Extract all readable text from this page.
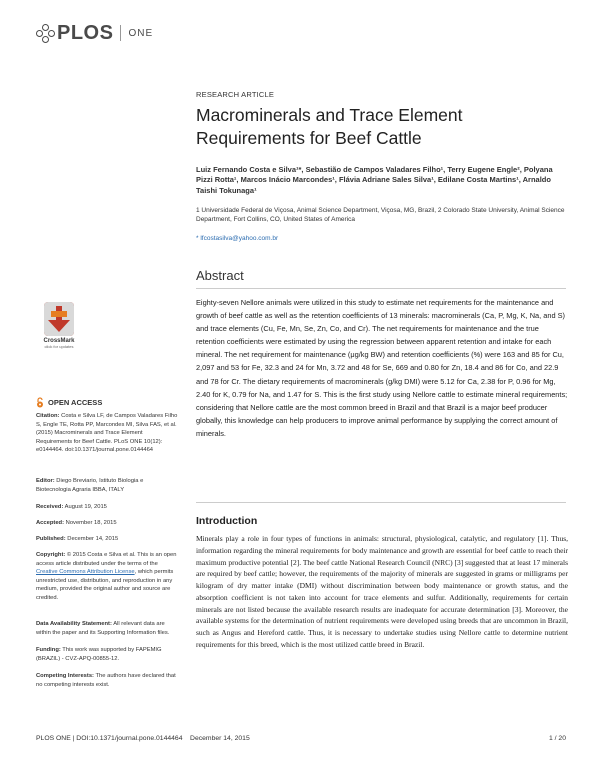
PLOS ONE
RESEARCH ARTICLE
Macrominerals and Trace Element Requirements for Beef Cattle
Luiz Fernando Costa e Silva¹*, Sebastião de Campos Valadares Filho¹, Terry Eugene Engle², Polyana Pizzi Rotta¹, Marcos Inácio Marcondes¹, Flávia Adriane Sales Silva¹, Edilane Costa Martins¹, Arnaldo Taishi Tokunaga¹
1 Universidade Federal de Viçosa, Animal Science Department, Viçosa, MG, Brazil, 2 Colorado State University, Animal Science Department, Fort Collins, CO, United States of America
* lfcostasilva@yahoo.com.br
Abstract
Eighty-seven Nellore animals were utilized in this study to estimate net requirements for the maintenance and growth of beef cattle as well as the retention coefficients of 13 minerals: macrominerals (Ca, P, Mg, K, Na, and S) and trace elements (Cu, Fe, Mn, Se, Zn, Co, and Cr). The net requirements for maintenance and the true retention coefficients were estimated by using the regression between apparent retention and intake for each mineral. The net requirement for maintenance (μg/kg BW) and retention coefficients (%) were 163 and 85 for Cu, 2,097 and 53 for Fe, 32.3 and 24 for Mn, 3.72 and 48 for Se, 669 and 0.80 for Zn, 18.4 and 86 for Co, and 22.9 and 78 for Cr. The dietary requirements of macrominerals (g/kg DMI) were 5.12 for Ca, 2.38 for P, 0.96 for Mg, 2.40 for K, 0.79 for Na, and 1.47 for S. This is the first study using Nellore cattle to estimate mineral requirements; considering that Nellore cattle are the most common breed in Brazil and that Brazil is a major beef producer globally, this knowledge can help producers to improve animal performance by supplying the correct amount of minerals.
Introduction
Minerals play a role in four types of functions in animals: structural, physiological, catalytic, and regulatory [1]. Thus, information regarding the mineral requirements for body maintenance and growth are essential for beef cattle to reach their maximum productive potential [2]. The beef cattle National Research Council (NRC) [3] suggested that at least 17 minerals are required by beef cattle; however, the requirements of the majority of minerals are suggested in grams or milligrams per kilogram of dry matter intake (DMI) without discrimination between body maintenance or growth status, and the absorption coefficient is not taken into account for trace elements and sulfur. Additionally, requirements for certain minerals are not listed because the available research results are inadequate for accurate determination [3]. Moreover, the available systems for the determination of nutrient requirements were developed using breeds that are uncommon in Brazil, such as Angus and Hereford cattle. Thus, it is necessary to undertake studies using Nellore cattle to determine nutrient requirements for this breed, which is the most utilized cattle breed in Brazil.
CrossMark
click for updates
OPEN ACCESS
Citation: Costa e Silva LF, de Campos Valadares Filho S, Engle TE, Rotta PP, Marcondes MI, Silva FAS, et al. (2015) Macrominerals and Trace Element Requirements for Beef Cattle. PLoS ONE 10(12): e0144464. doi:10.1371/journal.pone.0144464
Editor: Diego Breviario, Istituto Biologia e Biotecnologia Agraria IBBA, ITALY
Received: August 19, 2015
Accepted: November 18, 2015
Published: December 14, 2015
Copyright: © 2015 Costa e Silva et al. This is an open access article distributed under the terms of the Creative Commons Attribution License, which permits unrestricted use, distribution, and reproduction in any medium, provided the original author and source are credited.
Data Availability Statement: All relevant data are within the paper and its Supporting Information files.
Funding: This work was supported by FAPEMIG (BRAZIL) - CVZ-APQ-00855-12.
Competing Interests: The authors have declared that no competing interests exist.
PLOS ONE | DOI:10.1371/journal.pone.0144464    December 14, 2015	1 / 20
